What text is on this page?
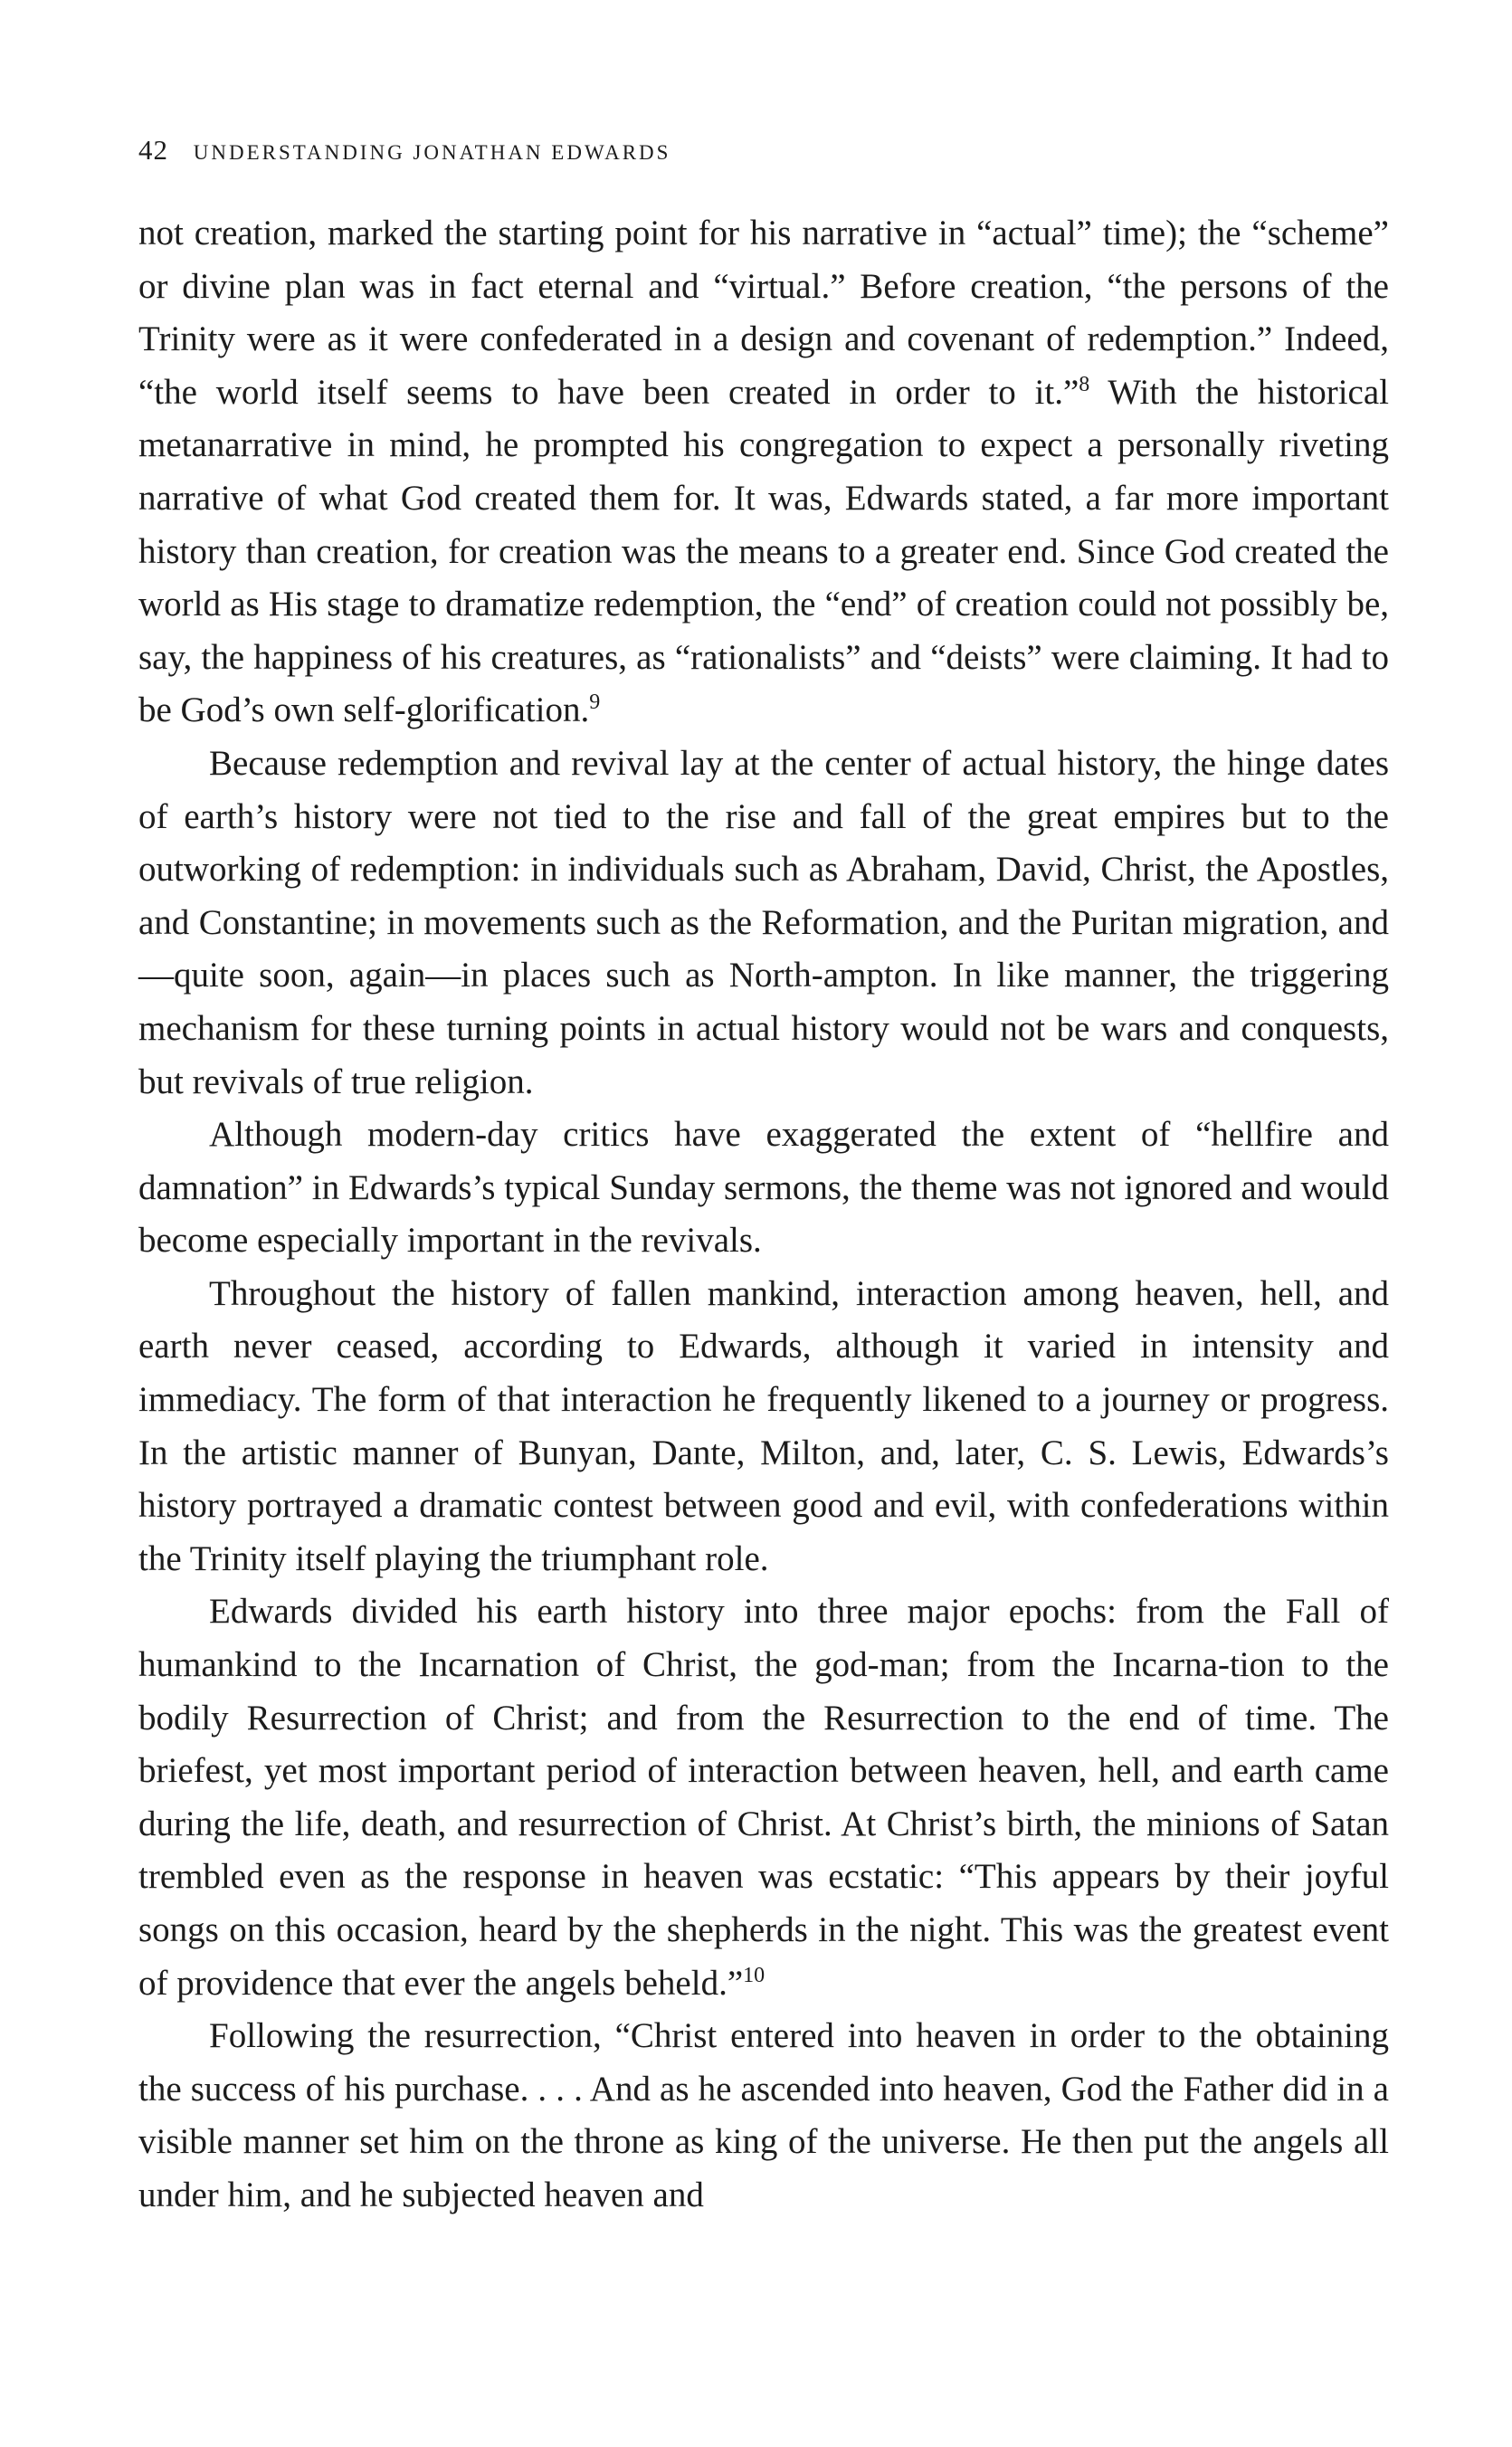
42 UNDERSTANDING JONATHAN EDWARDS

not creation, marked the starting point for his narrative in “actual” time); the “scheme” or divine plan was in fact eternal and “virtual.” Before creation, “the persons of the Trinity were as it were confederated in a design and covenant of redemption.” Indeed, “the world itself seems to have been created in order to it.”$^8$ With the historical metanarrative in mind, he prompted his congregation to expect a personally riveting narrative of what God created them for. It was, Edwards stated, a far more important history than creation, for creation was the means to a greater end. Since God created the world as His stage to dramatize redemption, the “end” of creation could not possibly be, say, the happiness of his creatures, as “rationalists” and “deists” were claiming. It had to be God’s own self-glorification.$^9$

Because redemption and revival lay at the center of actual history, the hinge dates of earth’s history were not tied to the rise and fall of the great empires but to the outworking of redemption: in individuals such as Abraham, David, Christ, the Apostles, and Constantine; in movements such as the Reformation, and the Puritan migration, and—quite soon, again—in places such as North-ampton. In like manner, the triggering mechanism for these turning points in actual history would not be wars and conquests, but revivals of true religion.

Although modern-day critics have exaggerated the extent of “hellfire and damnation” in Edwards’s typical Sunday sermons, the theme was not ignored and would become especially important in the revivals.

Throughout the history of fallen mankind, interaction among heaven, hell, and earth never ceased, according to Edwards, although it varied in intensity and immediacy. The form of that interaction he frequently likened to a journey or progress. In the artistic manner of Bunyan, Dante, Milton, and, later, C. S. Lewis, Edwards’s history portrayed a dramatic contest between good and evil, with confederations within the Trinity itself playing the triumphant role.

Edwards divided his earth history into three major epochs: from the Fall of humankind to the Incarnation of Christ, the god-man; from the Incarna-tion to the bodily Resurrection of Christ; and from the Resurrection to the end of time. The briefest, yet most important period of interaction between heaven, hell, and earth came during the life, death, and resurrection of Christ. At Christ’s birth, the minions of Satan trembled even as the response in heaven was ecstatic: “This appears by their joyful songs on this occasion, heard by the shepherds in the night. This was the greatest event of providence that ever the angels beheld.”$^{10}$

Following the resurrection, “Christ entered into heaven in order to the obtaining the success of his purchase. . . . And as he ascended into heaven, God the Father did in a visible manner set him on the throne as king of the universe. He then put the angels all under him, and he subjected heaven and
